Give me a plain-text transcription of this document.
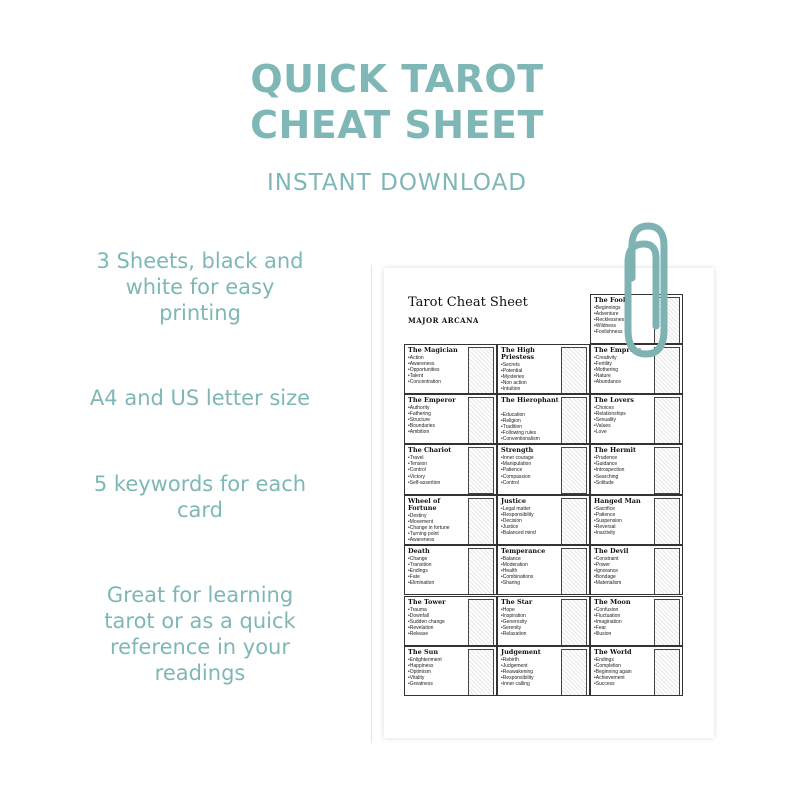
QUICK TAROT
CHEAT SHEET
INSTANT DOWNLOAD
3 Sheets, black and
white for easy
printing
A4 and US letter size
5 keywords for each
card
Great for learning
tarot or as a quick
reference in your
readings
Tarot Cheat Sheet
MAJOR ARCANA
The Fool
• Beginnings
• Adventure
• Recklessness
• Wildness
• Foolishness
The Magician
• Action
• Awareness
• Opportunities
• Talent
• Concentration
The High Priestess
• Secrets
• Potential
• Mysteries
• Non action
• Intuition
The Empress
• Creativity
• Fertility
• Mothering
• Nature
• Abundance
The Emperor
• Authority
• Fathering
• Structure
• Boundaries
• Ambition
The Hierophant
• Education
• Religion
• Tradition
• Following rules
• Conventionalism
The Lovers
• Choices
• Relationships
• Sexuality
• Values
• Love
The Chariot
• Travel
• Tension
• Control
• Victory
• Self-assertion
Strength
• Inner courage
• Manipulation
• Patience
• Compassion
• Control
The Hermit
• Prudence
• Guidance
• Introspection
• Searching
• Solitude
Wheel of Fortune
• Destiny
• Movement
• Change in fortune
• Turning point
• Awareness
Justice
• Legal matter
• Responsibility
• Decision
• Justice
• Balanced mind
Hanged Man
• Sacrifice
• Patience
• Suspension
• Reversal
• Inactivity
Death
• Change
• Transition
• Endings
• Fate
• Elimination
Temperance
• Balance
• Moderation
• Health
• Combinations
• Sharing
The Devil
• Constraint
• Power
• Ignorance
• Bondage
• Materialism
The Tower
• Trauma
• Downfall
• Sudden change
• Revelation
• Release
The Star
• Hope
• Inspiration
• Generosity
• Serenity
• Relaxation
The Moon
• Confusion
• Fluctuation
• Imagination
• Fear
• Illusion
The Sun
• Enlightenment
• Happiness
• Optimism
• Vitality
• Greatness
Judgement
• Rebirth
• Judgement
• Reawakening
• Responsibility
• Inner calling
The World
• Endings
• Completion
• Beginning again
• Achievement
• Success
